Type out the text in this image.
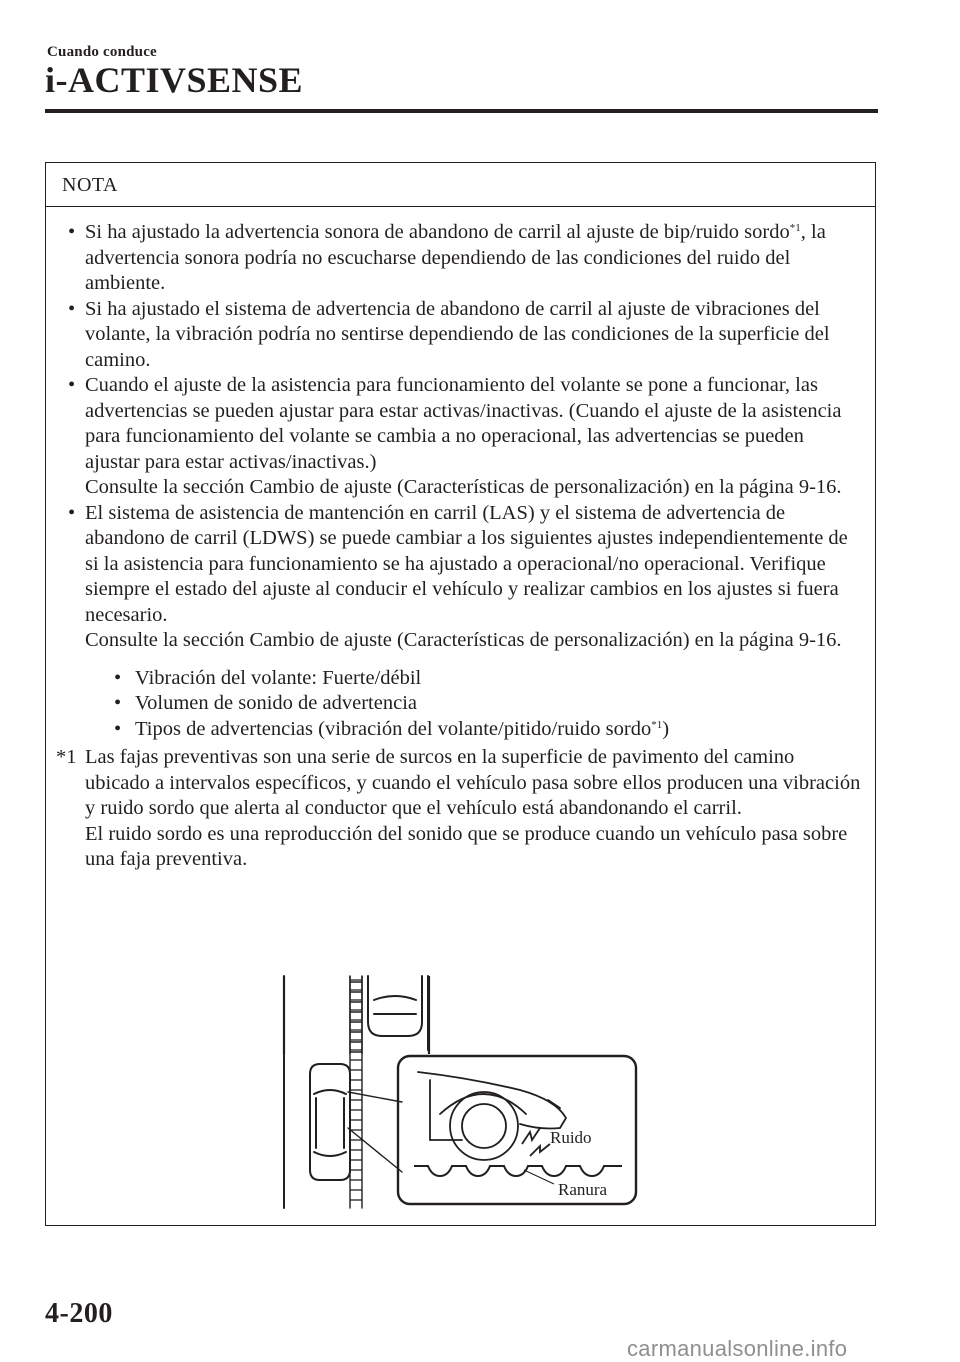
Cuando conduce
i-ACTIVSENSE
NOTA
• Si ha ajustado la advertencia sonora de abandono de carril al ajuste de bip/ruido sordo$^{*1}$, la advertencia sonora podría no escucharse dependiendo de las condiciones del ruido del ambiente.
• Si ha ajustado el sistema de advertencia de abandono de carril al ajuste de vibraciones del volante, la vibración podría no sentirse dependiendo de las condiciones de la superficie del camino.
• Cuando el ajuste de la asistencia para funcionamiento del volante se pone a funcionar, las advertencias se pueden ajustar para estar activas/inactivas. (Cuando el ajuste de la asistencia para funcionamiento del volante se cambia a no operacional, las advertencias se pueden ajustar para estar activas/inactivas.)
Consulte la sección Cambio de ajuste (Características de personalización) en la página 9-16.
• El sistema de asistencia de mantención en carril (LAS) y el sistema de advertencia de abandono de carril (LDWS) se puede cambiar a los siguientes ajustes independientemente de si la asistencia para funcionamiento se ha ajustado a operacional/no operacional. Verifique siempre el estado del ajuste al conducir el vehículo y realizar cambios en los ajustes si fuera necesario.
Consulte la sección Cambio de ajuste (Características de personalización) en la página 9-16.
• Vibración del volante: Fuerte/débil
• Volumen de sonido de advertencia
• Tipos de advertencias (vibración del volante/pitido/ruido sordo$^{*1}$)
*1 Las fajas preventivas son una serie de surcos en la superficie de pavimento del camino ubicado a intervalos específicos, y cuando el vehículo pasa sobre ellos producen una vibración y ruido sordo que alerta al conductor que el vehículo está abandonando el carril.
El ruido sordo es una reproducción del sonido que se produce cuando un vehículo pasa sobre una faja preventiva.
Ruido
Ranura
4-200
carmanualsonline.info
